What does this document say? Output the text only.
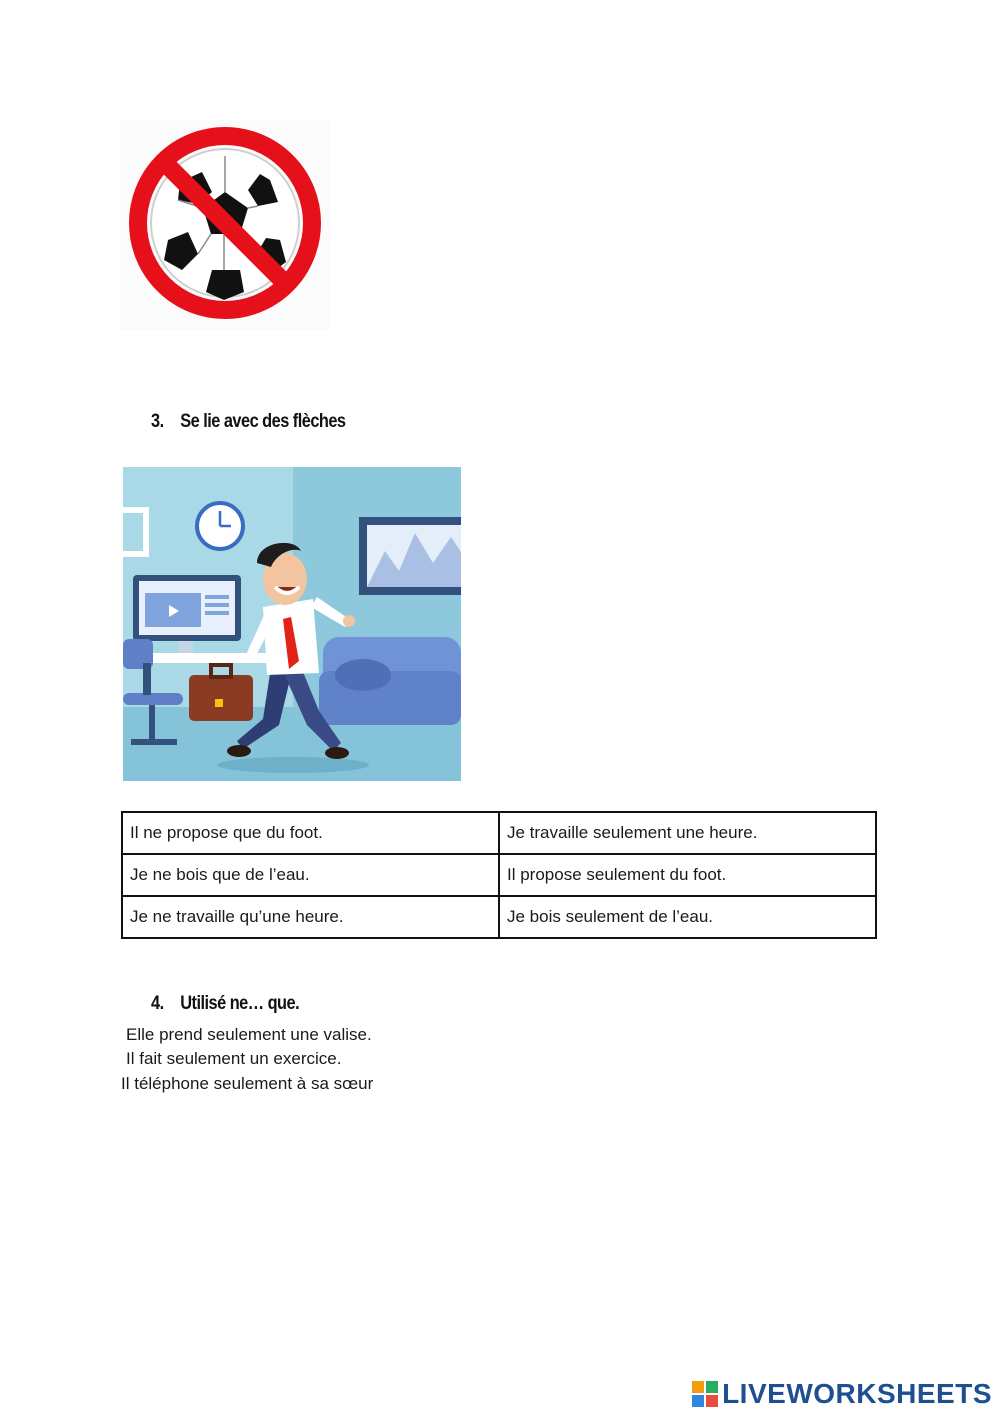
3. Se lie avec des flèches
Il ne propose que du foot.	Je travaille seulement une heure.
Je ne bois que de l’eau.	Il propose seulement du foot.
Je ne travaille qu’une heure.	Je bois seulement de l’eau.
4. Utilisé ne… que.
Elle prend seulement une valise.
Il fait seulement un exercice.
Il téléphone seulement à sa sœur
LIVEWORKSHEETS
